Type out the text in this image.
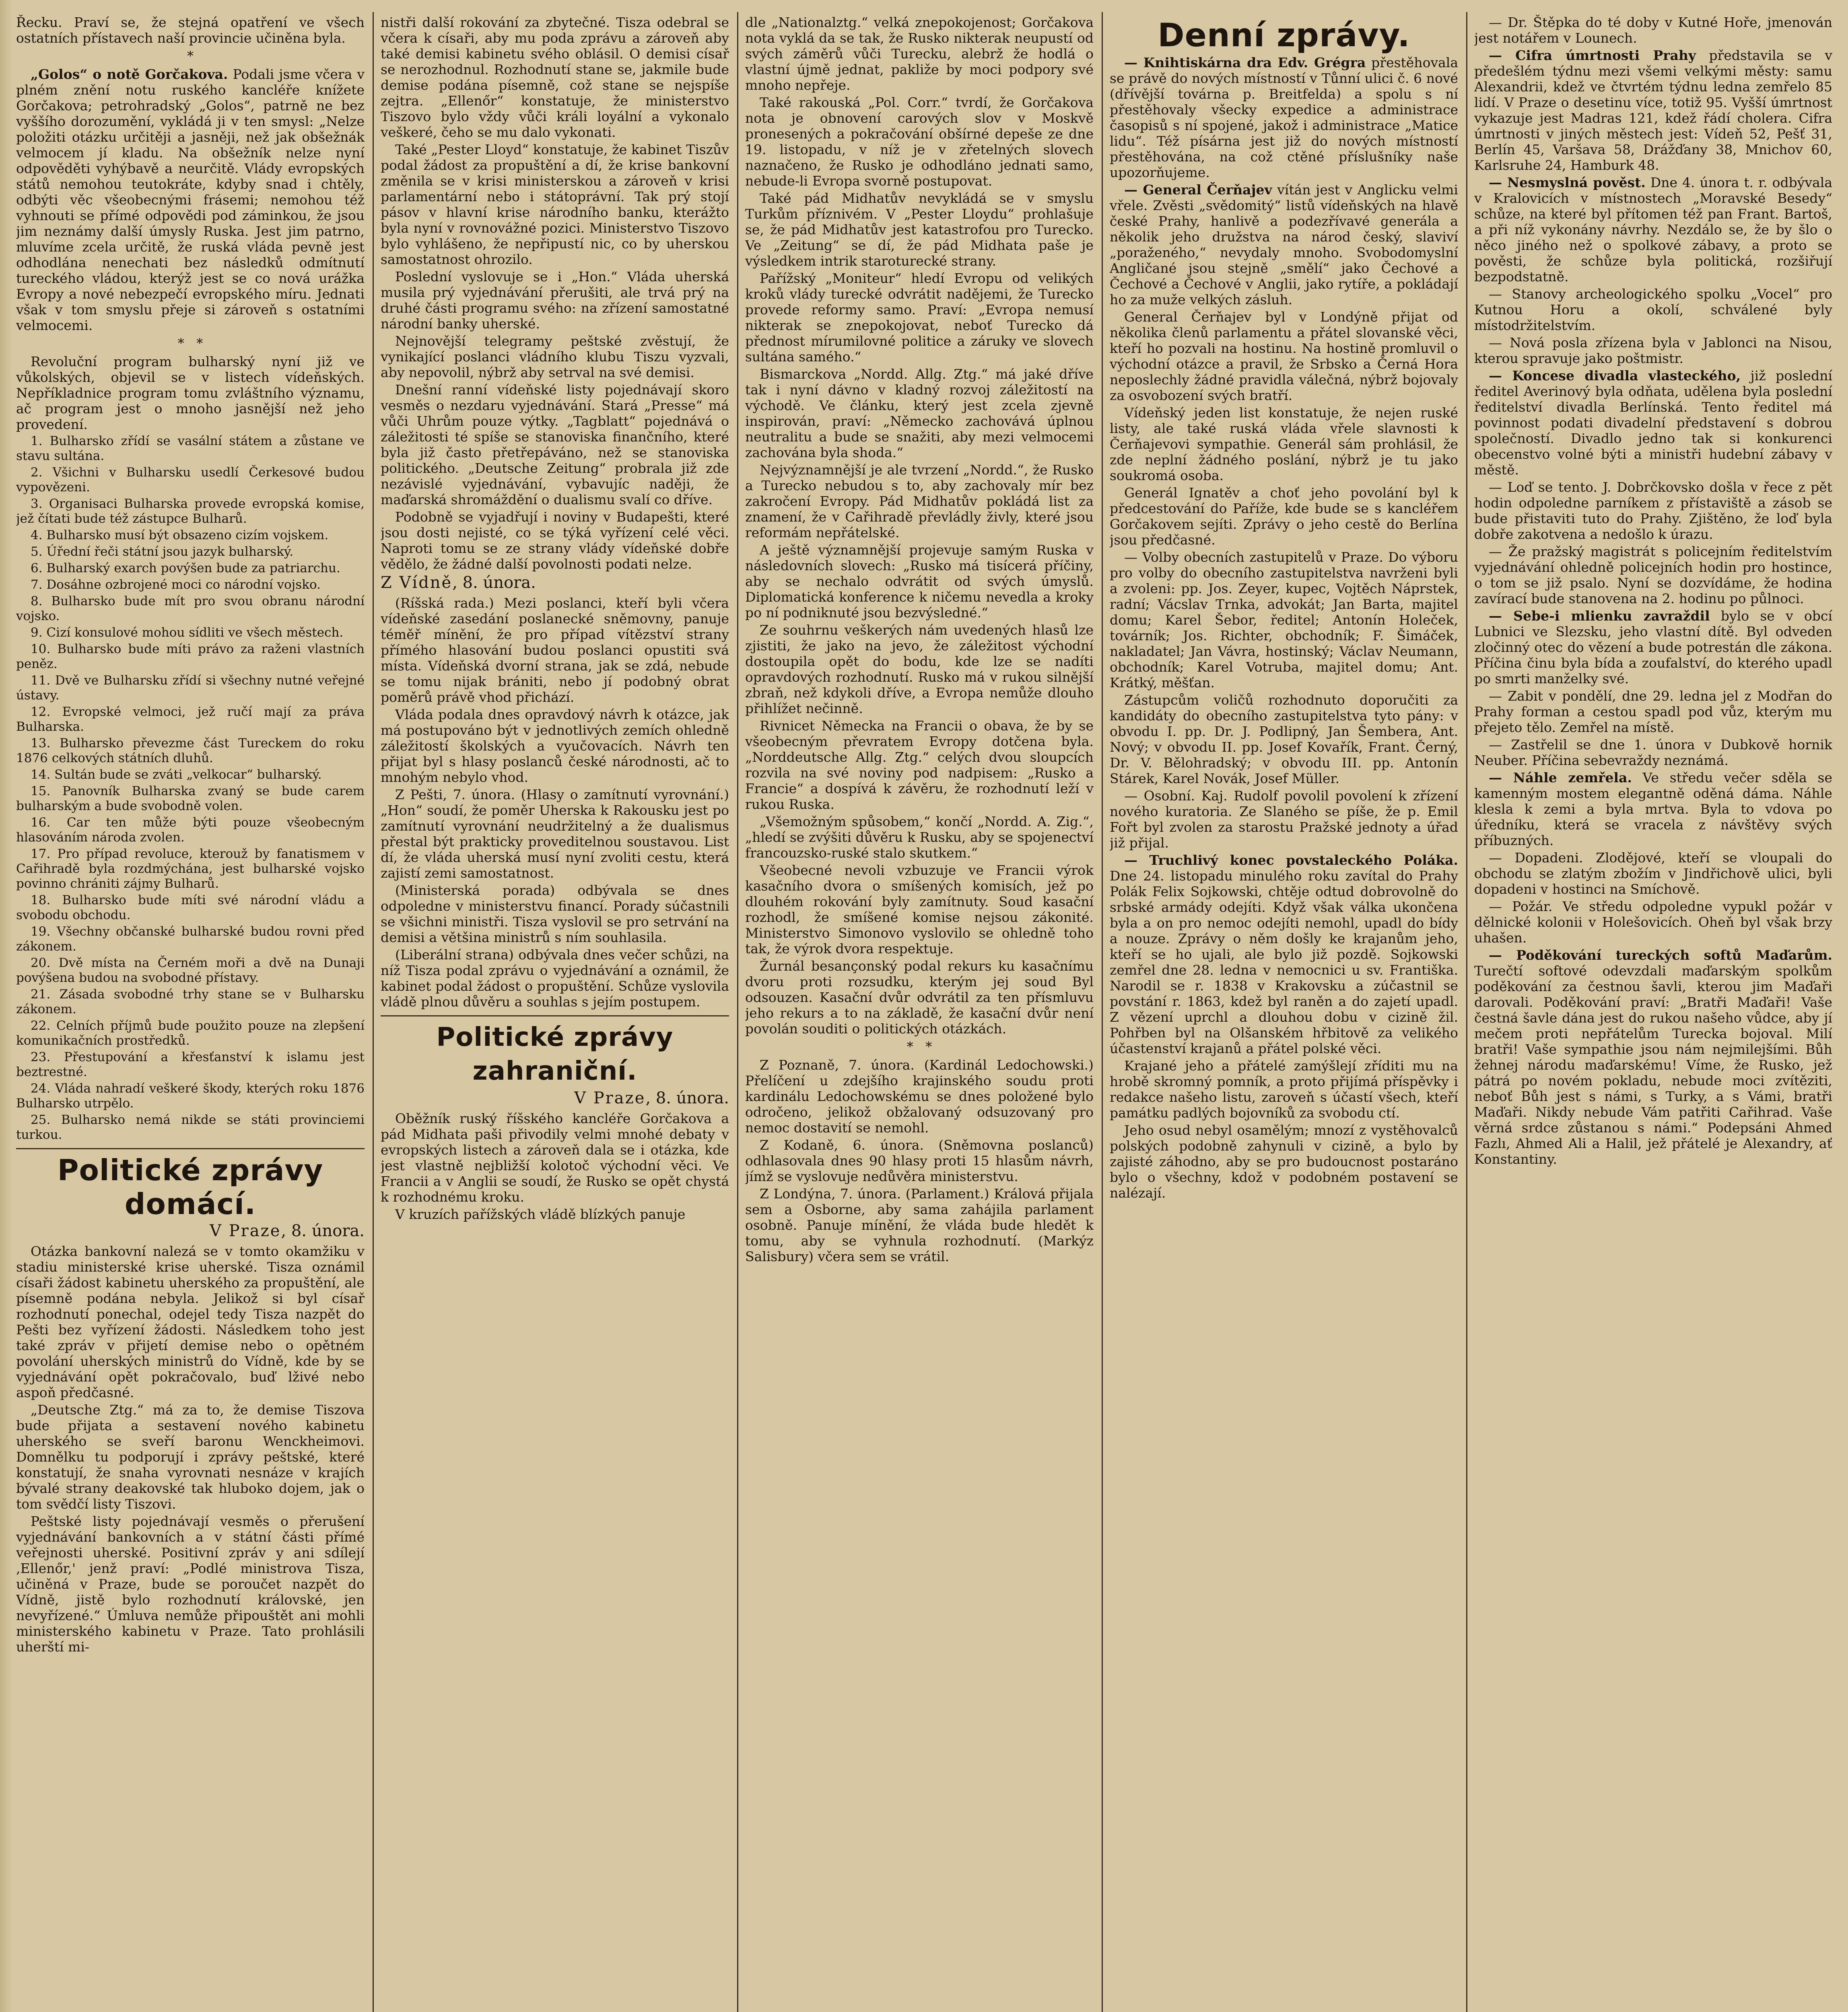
Řecku. Praví se, že stejná opatření ve všech ostatních přístavech naší provincie učiněna byla.

*

„Golos“ o notě Gorčakova. Podali jsme včera v plném znění notu ruského kancléře knížete Gorčakova; petrohradský „Golos“, patrně ne bez vyššího dorozumění, vykládá ji v ten smysl: „Nelze položiti otázku určitěji a jasněji, než jak obšežnák velmocem jí kladu. Na obšežník nelze nyní odpověděti vyhýbavě a neurčitě. Vlády evropských států nemohou teutokráte, kdyby snad i chtěly, odbýti věc všeobecnými frásemi; nemohou též vyhnouti se přímé odpovědi pod záminkou, že jsou jim neznámy další úmysly Ruska. Jest jim patrno, mluvíme zcela určitě, že ruská vláda pevně jest odhodlána nenechati bez následků odmítnutí tureckého vládou, kterýž jest se co nová urážka Evropy a nové nebezpečí evropského míru. Jednati však v tom smyslu přeje si zároveň s ostatními velmocemi.

*   *

Revoluční program bulharský nyní již ve vůkolských, objevil se v listech vídeňských. Nepříkladnice program tomu zvláštního významu, ač program jest o mnoho jasnější než jeho provedení.

1. Bulharsko zřídí se vasální státem a zůstane ve stavu sultána.

2. Všichni v Bulharsku usedlí Čerkesové budou vypovězeni.

3. Organisaci Bulharska provede evropská komise, jež čítati bude též zástupce Bulharů.

4. Bulharsko musí být obsazeno cizím vojskem.

5. Úřední řeči státní jsou jazyk bulharský.

6. Bulharský exarch povýšen bude za patriarchu.

7. Dosáhne ozbrojené moci co národní vojsko.

8. Bulharsko bude mít pro svou obranu národní vojsko.

9. Cizí konsulové mohou sídliti ve všech městech.

10. Bulharsko bude míti právo za raženi vlastních peněz.

11. Dvě ve Bulharsku zřídí si všechny nutné veřejné ústavy.

12. Evropské velmoci, jež ručí mají za práva Bulharska.

13. Bulharsko převezme část Tureckem do roku 1876 celkových státních dluhů.

14. Sultán bude se zváti „velkocar“ bulharský.

15. Panovník Bulharska zvaný se bude carem bulharským a bude svobodně volen.

16. Car ten může býti pouze všeobecným hlasováním národa zvolen.

17. Pro případ revoluce, kterouž by fanatismem v Cařihradě byla rozdmýchána, jest bulharské vojsko povinno chrániti zájmy Bulharů.

18. Bulharsko bude míti své národní vládu a svobodu obchodu.

19. Všechny občanské bulharské budou rovni před zákonem.

20. Dvě místa na Černém moři a dvě na Dunaji povýšena budou na svobodné přístavy.

21. Zásada svobodné trhy stane se v Bulharsku zákonem.

22. Celních příjmů bude použito pouze na zlepšení komunikačních prostředků.

23. Přestupování a křesťanství k islamu jest beztrestné.

24. Vláda nahradí veškeré škody, kterých roku 1876 Bulharsko utrpělo.

25. Bulharsko nemá nikde se státi provinciemi turkou.

Politické zprávy domácí.
V Praze, 8. února.

Otázka bankovní nalezá se v tomto okamžiku v stadiu ministerské krise uherské. Tisza oznámil císaři žádost kabinetu uherského za propuštění, ale písemně podána nebyla. Jelikož si byl císař rozhodnutí ponechal, odejel tedy Tisza nazpět do Pešti bez vyřízení žádosti. Následkem toho jest také zpráv v přijetí demise nebo o opětném povolání uherských ministrů do Vídně, kde by se vyjednávání opět pokračovalo, buď lživé nebo aspoň předčasné.

„Deutsche Ztg.“ má za to, že demise Tiszova bude přijata a sestavení nového kabinetu uherského se sveří baronu Wenckheimovi. Domnělku tu podporují i zprávy peštské, které konstatují, že snaha vyrovnati nesnáze v krajích bývalé strany deakovské tak hluboko dojem, jak o tom svědčí listy Tiszovi.

Peštské listy pojednávají vesměs o přerušení vyjednávání bankovních a v státní části přímé veřejnosti uherské. Positivní zpráv y ani sdílejí ,Ellenőr,' jenž praví: „Podlé ministrova Tisza, učiněná v Praze, bude se poroučet nazpět do Vídně, jistě bylo rozhodnutí královské, jen nevyřízené.“ Úmluva nemůže připouštět ani mohli ministerského kabinetu v Praze. Tato prohlásili uherští mi-

nistři další rokování za zbytečné. Tisza odebral se včera k císaři, aby mu poda zprávu a zároveň aby také demisi kabinetu svého oblásil. O demisi císař se nerozhodnul. Rozhodnutí stane se, jakmile bude demise podána písemně, což stane se nejspíše zejtra. „Ellenőr“ konstatuje, že ministerstvo Tiszovo bylo vždy vůči králi loyální a vykonalo veškeré, čeho se mu dalo vykonati.

Také „Pester Lloyd“ konstatuje, že kabinet Tiszův podal žádost za propuštění a dí, že krise bankovní změnila se v krisi ministerskou a zároveň v krisi parlamentární nebo i státoprávní. Tak prý stojí pásov v hlavní krise národního banku, kterážto byla nyní v rovnovážné pozici. Ministerstvo Tiszovo bylo vyhlášeno, že nepřipustí nic, co by uherskou samostatnost ohrozilo.

Poslední vyslovuje se i „Hon.“ Vláda uherská musila prý vyjednávání přerušiti, ale trvá prý na druhé části programu svého: na zřízení samostatné národní banky uherské.

Nejnovější telegramy peštské zvěstují, že vynikající poslanci vládního klubu Tiszu vyzvali, aby nepovolil, nýbrž aby setrval na své demisi.

Dnešní ranní vídeňské listy pojednávají skoro vesměs o nezdaru vyjednávání. Stará „Presse“ má vůči Uhrům pouze výtky. „Tagblatt“ pojednává o záležitosti té spíše se stanoviska finančního, které byla již často přetřepáváno, než se stanoviska politického. „Deutsche Zeitung“ probrala již zde nezávislé vyjednávání, vybavujíc naději, že maďarská shromáždění o dualismu svalí co dříve.

Podobně se vyjadřují i noviny v Budapešti, které jsou dosti nejisté, co se týká vyřízení celé věci. Naproti tomu se ze strany vlády vídeňské dobře vědělo, že žádné další povolnosti podati nelze.

Z Vídně, 8. února.

(Ríšská rada.) Mezi poslanci, kteří byli včera vídeňské zasedání poslanecké sněmovny, panuje téměř mínění, že pro případ vítězství strany přímého hlasování budou poslanci opustiti svá místa. Vídeňská dvorní strana, jak se zdá, nebude se tomu nijak brániti, nebo jí podobný obrat poměrů právě vhod přichází.

Vláda podala dnes opravdový návrh k otázce, jak má postupováno být v jednotlivých zemích ohledně záležitostí školských a vyučovacích. Návrh ten přijat byl s hlasy poslanců české národnosti, ač to mnohým nebylo vhod.

Z Pešti, 7. února. (Hlasy o zamítnutí vyrovnání.) „Hon“ soudí, že poměr Uherska k Rakousku jest po zamítnutí vyrovnání neudržitelný a že dualismus přestal být prakticky proveditelnou soustavou. List dí, že vláda uherská musí nyní zvoliti cestu, která zajistí zemi samostatnost.

(Ministerská porada) odbývala se dnes odpoledne v ministerstvu financí. Porady súčastnili se všichni ministři. Tisza vyslovil se pro setrvání na demisi a většina ministrů s ním souhlasila.

(Liberální strana) odbývala dnes večer schůzi, na níž Tisza podal zprávu o vyjednávání a oznámil, že kabinet podal žádost o propuštění. Schůze vyslovila vládě plnou důvěru a souhlas s jejím postupem.

Politické zprávy zahraniční.
V Praze, 8. února.

Oběžník ruský říšského kancléře Gorčakova a pád Midhata paši přivodily velmi mnohé debaty v evropských listech a zároveň dala se i otázka, kde jest vlastně nejbližší kolotoč východní věci. Ve Francii a v Anglii se soudí, že Rusko se opět chystá k rozhodnému kroku.

V kruzích pařížských vládě blízkých panuje

dle „Nationalztg.“ velká znepokojenost; Gorčakova nota vyklá da se tak, že Rusko nikterak neupustí od svých záměrů vůči Turecku, alebrž že hodlá o vlastní újmě jednat, pakliže by moci podpory své mnoho nepřeje.

Také rakouská „Pol. Corr.“ tvrdí, že Gorčakova nota je obnovení carových slov v Moskvě pronesených a pokračování obšírné depeše ze dne 19. listopadu, v níž je v zřetelných slovech naznačeno, že Rusko je odhodláno jednati samo, nebude-li Evropa svorně postupovat.

Také pád Midhatův nevykládá se v smyslu Turkům příznivém. V „Pester Lloydu“ prohlašuje se, že pád Midhatův jest katastrofou pro Turecko. Ve „Zeitung“ se dí, že pád Midhata paše je výsledkem intrik staroturecké strany.

Pařížský „Moniteur“ hledí Evropu od velikých kroků vlády turecké odvrátit nadějemi, že Turecko provede reformy samo. Praví: „Evropa nemusí nikterak se znepokojovat, neboť Turecko dá přednost mírumilovné politice a záruky ve slovech sultána samého.“

Bismarckova „Nordd. Allg. Ztg.“ má jaké dříve tak i nyní dávno v kladný rozvoj záležitostí na východě. Ve článku, který jest zcela zjevně inspirován, praví: „Německo zachovává úplnou neutralitu a bude se snažiti, aby mezi velmocemi zachována byla shoda.“

Nejvýznamnější je ale tvrzení „Nordd.“, že Rusko a Turecko nebudou s to, aby zachovaly mír bez zakročení Evropy. Pád Midhatův pokládá list za znamení, že v Cařihradě převládly živly, které jsou reformám nepřátelské.

A ještě významnější projevuje samým Ruska v následovních slovech: „Rusko má tisícerá příčiny, aby se nechalo odvrátit od svých úmyslů. Diplomatická konference k ničemu nevedla a kroky po ní podniknuté jsou bezvýsledné.“

Ze souhrnu veškerých nám uvedených hlasů lze zjistiti, že jako na jevo, že záležitost východní dostoupila opět do bodu, kde lze se nadíti opravdových rozhodnutí. Rusko má v rukou silnější zbraň, než kdykoli dříve, a Evropa nemůže dlouho přihlížet nečinně.

Rivnicet Německa na Francii o obava, že by se všeobecným převratem Evropy dotčena byla. „Norddeutsche Allg. Ztg.“ celých dvou sloupcích rozvila na své noviny pod nadpisem: „Rusko a Francie“ a dospívá k závěru, že rozhodnutí leží v rukou Ruska.

„Všemožným spůsobem,“ končí „Nordd. A. Zig.“, „hledí se zvýšiti důvěru k Rusku, aby se spojenectví francouzsko-ruské stalo skutkem.“

Všeobecné nevoli vzbuzuje ve Francii výrok kasačního dvora o smíšených komisích, jež po dlouhém rokování byly zamítnuty. Soud kasační rozhodl, že smíšené komise nejsou zákonité. Ministerstvo Simonovo vyslovilo se ohledně toho tak, že výrok dvora respektuje.

Žurnál besançonský podal rekurs ku kasačnímu dvoru proti rozsudku, kterým jej soud Byl odsouzen. Kasační dvůr odvrátil za ten přísmluvu jeho rekurs a to na základě, že kasační dvůr není povolán souditi o politických otázkách.

*   *

Z Poznaně, 7. února. (Kardinál Ledochowski.) Přelíčení u zdejšího krajinského soudu proti kardinálu Ledochowskému se dnes položené bylo odročeno, jelikož obžalovaný odsuzovaný pro nemoc dostavití se nemohl.

Z Kodaně, 6. února. (Sněmovna poslanců) odhlasovala dnes 90 hlasy proti 15 hlasům návrh, jímž se vyslovuje nedůvěra ministerstvu.

Z Londýna, 7. února. (Parlament.) Králová přijala sem a Osborne, aby sama zahájila parlament osobně. Panuje mínění, že vláda bude hledět k tomu, aby se vyhnula rozhodnutí. (Markýz Salisbury) včera sem se vrátil.

Denní zprávy.

— Knihtiskárna dra Edv. Grégra přestěhovala se právě do nových místností v Tůnní ulici č. 6 nové (dřívější továrna p. Breitfelda) a spolu s ní přestěhovaly všecky expedice a administrace časopisů s ní spojené, jakož i administrace „Matice lidu“. Též písárna jest již do nových místností přestěhována, na což ctěné příslušníky naše upozorňujeme.

— General Čerňajev vítán jest v Anglicku velmi vřele. Zvěsti „svědomitý“ listů vídeňských na hlavě české Prahy, hanlivě a podezřívavé generála a několik jeho družstva na národ český, slaviví „poraženého,“ nevydaly mnoho. Svobodomyslní Angličané jsou stejně „smělí“ jako Čechové a Čechové a Čechové v Anglii, jako rytíře, a pokládají ho za muže velkých zásluh.

General Čerňajev byl v Londýně přijat od několika členů parlamentu a přátel slovanské věci, kteří ho pozvali na hostinu. Na hostině promluvil o východní otázce a pravil, že Srbsko a Černá Hora neposlechly žádné pravidla válečná, nýbrž bojovaly za osvobození svých bratří.

Vídeňský jeden list konstatuje, že nejen ruské listy, ale také ruská vláda vřele slavnosti k Čerňajevovi sympathie. Generál sám prohlásil, že zde neplní žádného poslání, nýbrž je tu jako soukromá osoba.

Generál Ignatěv a choť jeho povolání byl k předcestování do Paříže, kde bude se s kancléřem Gorčakovem sejíti. Zprávy o jeho cestě do Berlína jsou předčasné.

— Volby obecních zastupitelů v Praze. Do výboru pro volby do obecního zastupitelstva navrženi byli a zvoleni: pp. Jos. Zeyer, kupec, Vojtěch Náprstek, radní; Vácslav Trnka, advokát; Jan Barta, majitel domu; Karel Šebor, ředitel; Antonín Holeček, továrník; Jos. Richter, obchodník; F. Šimáček, nakladatel; Jan Vávra, hostinský; Václav Neumann, obchodník; Karel Votruba, majitel domu; Ant. Krátký, měšťan.

Zástupcům voličů rozhodnuto doporučiti za kandidáty do obecního zastupitelstva tyto pány: v obvodu I. pp. Dr. J. Podlipný, Jan Šembera, Ant. Nový; v obvodu II. pp. Josef Kovařík, Frant. Černý, Dr. V. Bělohradský; v obvodu III. pp. Antonín Stárek, Karel Novák, Josef Müller.

— Osobní. Kaj. Rudolf povolil povolení k zřízení nového kuratoria. Ze Slaného se píše, že p. Emil Fořt byl zvolen za starostu Pražské jednoty a úřad již přijal.

— Truchlivý konec povstaleckého Poláka. Dne 24. listopadu minulého roku zavítal do Prahy Polák Felix Sojkowski, chtěje odtud dobrovolně do srbské armády odejíti. Když však válka ukončena byla a on pro nemoc odejíti nemohl, upadl do bídy a nouze. Zprávy o něm došly ke krajanům jeho, kteří se ho ujali, ale bylo již pozdě. Sojkowski zemřel dne 28. ledna v nemocnici u sv. Františka. Narodil se r. 1838 v Krakovsku a zúčastnil se povstání r. 1863, kdež byl raněn a do zajetí upadl. Z vězení uprchl a dlouhou dobu v cizině žil. Pohřben byl na Olšanském hřbitově za velikého účastenství krajanů a přátel polské věci.

Krajané jeho a přátelé zamýšlejí zříditi mu na hrobě skromný pomník, a proto přijímá příspěvky i redakce našeho listu, zaroveň s účastí všech, kteří památku padlých bojovníků za svobodu ctí.

Jeho osud nebyl osamělým; mnozí z vystěhovalců polských podobně zahynuli v cizině, a bylo by zajisté záhodno, aby se pro budoucnost postaráno bylo o všechny, kdož v podobném postavení se nalézají.

— Dr. Štěpka do té doby v Kutné Hoře, jmenován jest notářem v Lounech.

— Cifra úmrtnosti Prahy představila se v předešlém týdnu mezi všemi velkými městy: samu Alexandrii, kdež ve čtvrtém týdnu ledna zemřelo 85 lidí. V Praze o desetinu více, totiž 95. Vyšší úmrtnost vykazuje jest Madras 121, kdež řádí cholera. Cifra úmrtnosti v jiných městech jest: Vídeň 52, Pešť 31, Berlín 45, Varšava 58, Drážďany 38, Mnichov 60, Karlsruhe 24, Hamburk 48.

— Nesmyslná pověst. Dne 4. února t. r. odbývala v Kralovicích v místnostech „Moravské Besedy“ schůze, na které byl přítomen též pan Frant. Bartoš, a při níž vykonány návrhy. Nezdálo se, že by šlo o něco jiného než o spolkové zábavy, a proto se pověsti, že schůze byla politická, rozšiřují bezpodstatně.

— Stanovy archeologického spolku „Vocel“ pro Kutnou Horu a okolí, schválené byly místodržitelstvím.

— Nová posla zřízena byla v Jablonci na Nisou, kterou spravuje jako poštmistr.

— Koncese divadla vlasteckého, již poslední ředitel Averinový byla odňata, udělena byla poslední ředitelství divadla Berlínská. Tento ředitel má povinnost podati divadelní představení s dobrou společností. Divadlo jedno tak si konkurenci obecenstvo volné býti a ministři hudební zábavy v městě.

— Loď se tento. J. Dobrčkovsko došla v řece z pět hodin odpoledne parníkem z přístaviště a zásob se bude přistaviti tuto do Prahy. Zjištěno, že loď byla dobře zakotvena a nedošlo k úrazu.

— Že pražský magistrát s policejním ředitelstvím vyjednávání ohledně policejních hodin pro hostince, o tom se již psalo. Nyní se dozvídáme, že hodina zavírací bude stanovena na 2. hodinu po půlnoci.

— Sebe-i mlienku zavraždil bylo se v obcí Lubnici ve Slezsku, jeho vlastní dítě. Byl odveden zločinný otec do vězení a bude potrestán dle zákona. Příčina činu byla bída a zoufalství, do kterého upadl po smrti manželky své.

— Zabit v pondělí, dne 29. ledna jel z Modřan do Prahy forman a cestou spadl pod vůz, kterým mu přejeto tělo. Zemřel na místě.

— Zastřelil se dne 1. února v Dubkově hornik Neuber. Příčina sebevraždy neznámá.

— Náhle zemřela. Ve středu večer sděla se kamenným mostem elegantně oděná dáma. Náhle klesla k zemi a byla mrtva. Byla to vdova po úředníku, která se vracela z návštěvy svých příbuzných.

— Dopadeni. Zlodějové, kteří se vloupali do obchodu se zlatým zbožím v Jindřichově ulici, byli dopadeni v hostinci na Smíchově.

— Požár. Ve středu odpoledne vypukl požár v dělnické kolonii v Holešovicích. Oheň byl však brzy uhašen.

— Poděkování tureckých softů Maďarům. Turečtí softové odevzdali maďarským spolkům poděkování za čestnou šavli, kterou jim Maďaři darovali. Poděkování praví: „Bratři Maďaři! Vaše čestná šavle dána jest do rukou našeho vůdce, aby jí mečem proti nepřátelům Turecka bojoval. Milí bratři! Vaše sympathie jsou nám nejmilejšími. Bůh žehnej národu maďarskému! Víme, že Rusko, jež pátrá po novém pokladu, nebude moci zvítěziti, neboť Bůh jest s námi, s Turky, a s Vámi, bratři Maďaři. Nikdy nebude Vám patřiti Cařihrad. Vaše věrná srdce zůstanou s námi.“ Podepsáni Ahmed Fazlı, Ahmed Ali a Halil, jež přátelé je Alexandry, ať Konstantiny.
